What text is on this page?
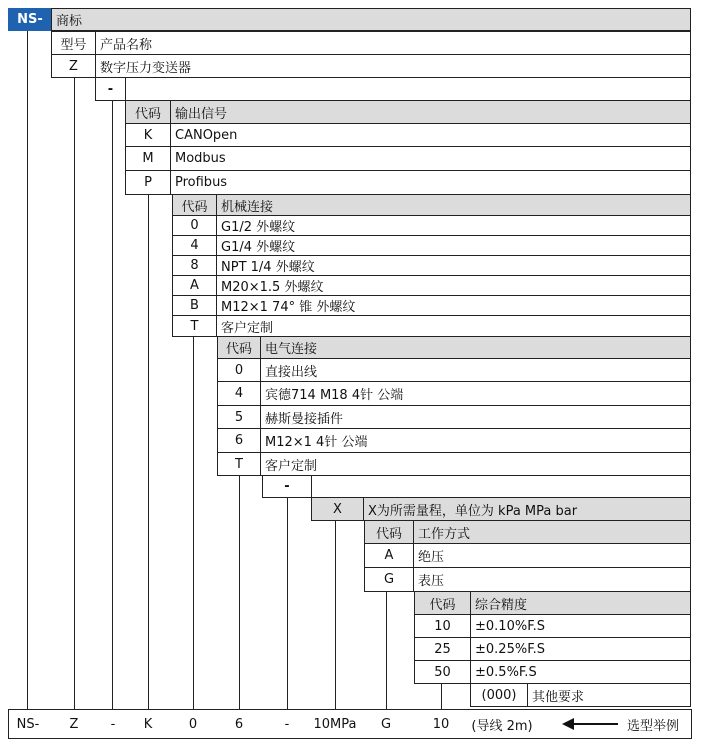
NS-	商标
型号	产品名称
Z	数字压力变送器
-
代码	输出信号
K	CANOpen
M	Modbus
P	Profibus
代码	机械连接
0	G1/2 外螺纹
4	G1/4 外螺纹
8	NPT 1/4 外螺纹
A	M20×1.5 外螺纹
B	M12×1 74° 锥 外螺纹
T	客户定制
代码	电气连接
0	直接出线
4	宾德714 M18 4针 公端
5	赫斯曼接插件
6	M12×1 4针 公端
T	客户定制
-
X	X为所需量程，单位为 kPa MPa bar
代码	工作方式
A	绝压
G	表压
代码	综合精度
10	±0.10%F.S
25	±0.25%F.S
50	±0.5%F.S
(000)	其他要求
NS-	Z	-	K	0	6	-	10MPa	G	10	(导线 2m)	选型举例
